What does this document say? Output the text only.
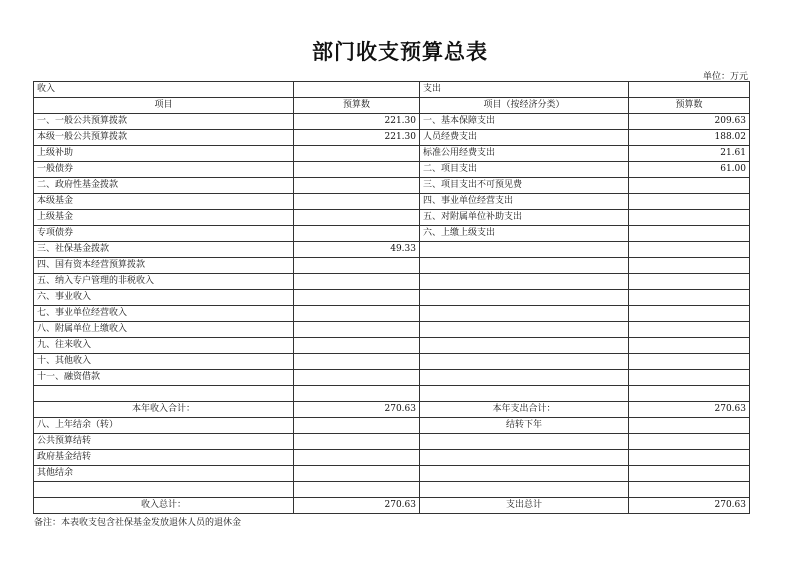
部门收支预算总表
单位：万元
收入		支出	
项目	预算数	项目（按经济分类）	预算数
一、一般公共预算拨款	221.30	一、基本保障支出	209.63
本级一般公共预算拨款	221.30	人员经费支出	188.02
上级补助		标准公用经费支出	21.61
一般债券		二、项目支出	61.00
二、政府性基金拨款		三、项目支出不可预见费	
本级基金		四、事业单位经营支出	
上级基金		五、对附属单位补助支出	
专项债券		六、上缴上级支出	
三、社保基金拨款	49.33		
四、国有资本经营预算拨款			
五、纳入专户管理的非税收入			
六、事业收入			
七、事业单位经营收入			
八、附属单位上缴收入			
九、往来收入			
十、其他收入			
十一、融资借款			

本年收入合计：	270.63	本年支出合计：	270.63
八、上年结余（转）		结转下年	
公共预算结转			
政府基金结转			
其他结余			

收入总计：	270.63	支出总计	270.63
备注：本表收支包含社保基金发放退休人员的退休金
